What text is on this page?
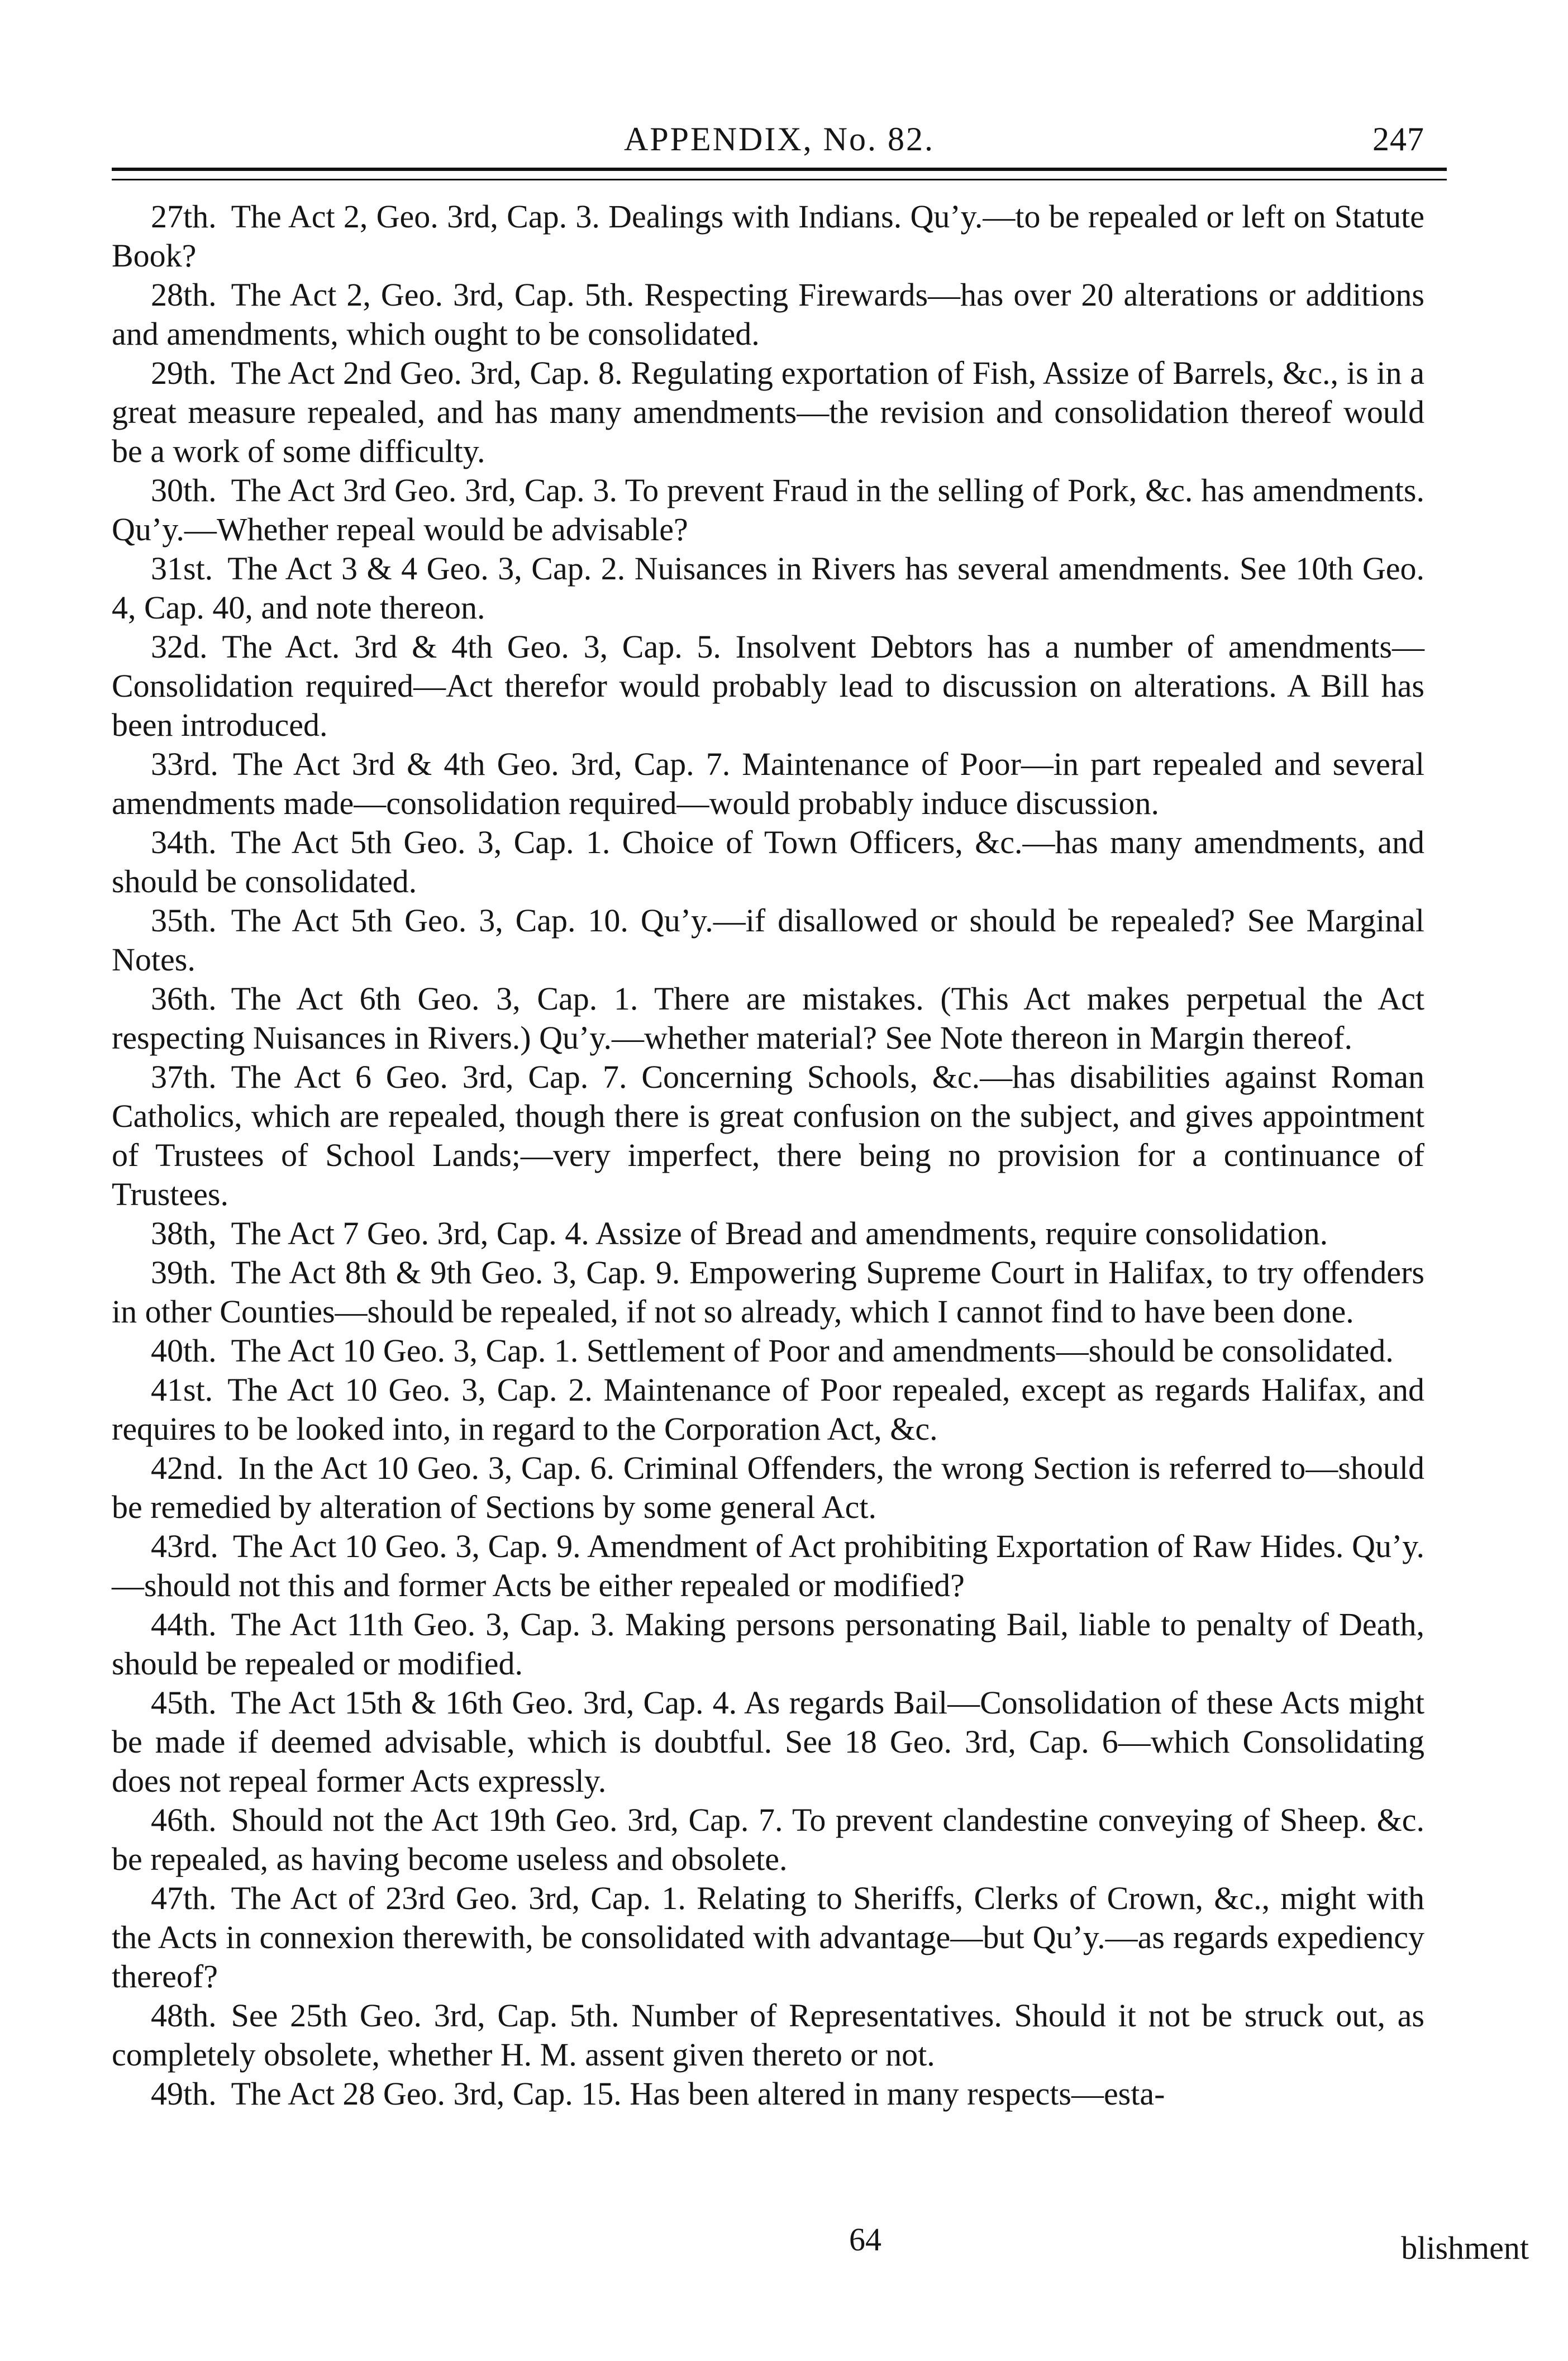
APPENDIX, No. 82.	247

27th. The Act 2, Geo. 3rd, Cap. 3. Dealings with Indians. Qu’y.—to be repealed or left on Statute Book?

28th. The Act 2, Geo. 3rd, Cap. 5th. Respecting Firewards—has over 20 alterations or additions and amendments, which ought to be consolidated.

29th. The Act 2nd Geo. 3rd, Cap. 8. Regulating exportation of Fish, Assize of Barrels, &c., is in a great measure repealed, and has many amendments—the revision and consolidation thereof would be a work of some difficulty.

30th. The Act 3rd Geo. 3rd, Cap. 3. To prevent Fraud in the selling of Pork, &c. has amendments. Qu’y.—Whether repeal would be advisable?

31st. The Act 3 & 4 Geo. 3, Cap. 2. Nuisances in Rivers has several amendments. See 10th Geo. 4, Cap. 40, and note thereon.

32d. The Act. 3rd & 4th Geo. 3, Cap. 5. Insolvent Debtors has a number of amendments—Consolidation required—Act therefor would probably lead to discussion on alterations. A Bill has been introduced.

33rd. The Act 3rd & 4th Geo. 3rd, Cap. 7. Maintenance of Poor—in part repealed and several amendments made—consolidation required—would probably induce discussion.

34th. The Act 5th Geo. 3, Cap. 1. Choice of Town Officers, &c.—has many amendments, and should be consolidated.

35th. The Act 5th Geo. 3, Cap. 10. Qu’y.—if disallowed or should be repealed? See Marginal Notes.

36th. The Act 6th Geo. 3, Cap. 1. There are mistakes. (This Act makes perpetual the Act respecting Nuisances in Rivers.) Qu’y.—whether material? See Note thereon in Margin thereof.

37th. The Act 6 Geo. 3rd, Cap. 7. Concerning Schools, &c.—has disabilities against Roman Catholics, which are repealed, though there is great confusion on the subject, and gives appointment of Trustees of School Lands;—very imperfect, there being no provision for a continuance of Trustees.

38th, The Act 7 Geo. 3rd, Cap. 4. Assize of Bread and amendments, require consolidation.

39th. The Act 8th & 9th Geo. 3, Cap. 9. Empowering Supreme Court in Halifax, to try offenders in other Counties—should be repealed, if not so already, which I cannot find to have been done.

40th. The Act 10 Geo. 3, Cap. 1. Settlement of Poor and amendments—should be consolidated.

41st. The Act 10 Geo. 3, Cap. 2. Maintenance of Poor repealed, except as regards Halifax, and requires to be looked into, in regard to the Corporation Act, &c.

42nd. In the Act 10 Geo. 3, Cap. 6. Criminal Offenders, the wrong Section is referred to—should be remedied by alteration of Sections by some general Act.

43rd. The Act 10 Geo. 3, Cap. 9. Amendment of Act prohibiting Exportation of Raw Hides. Qu’y.—should not this and former Acts be either repealed or modified?

44th. The Act 11th Geo. 3, Cap. 3. Making persons personating Bail, liable to penalty of Death, should be repealed or modified.

45th. The Act 15th & 16th Geo. 3rd, Cap. 4. As regards Bail—Consolidation of these Acts might be made if deemed advisable, which is doubtful. See 18 Geo. 3rd, Cap. 6—which Consolidating does not repeal former Acts expressly.

46th. Should not the Act 19th Geo. 3rd, Cap. 7. To prevent clandestine conveying of Sheep. &c. be repealed, as having become useless and obsolete.

47th. The Act of 23rd Geo. 3rd, Cap. 1. Relating to Sheriffs, Clerks of Crown, &c., might with the Acts in connexion therewith, be consolidated with advantage—but Qu’y.—as regards expediency thereof?

48th. See 25th Geo. 3rd, Cap. 5th. Number of Representatives. Should it not be struck out, as completely obsolete, whether H. M. assent given thereto or not.

49th. The Act 28 Geo. 3rd, Cap. 15. Has been altered in many respects—esta-

64	blishment
